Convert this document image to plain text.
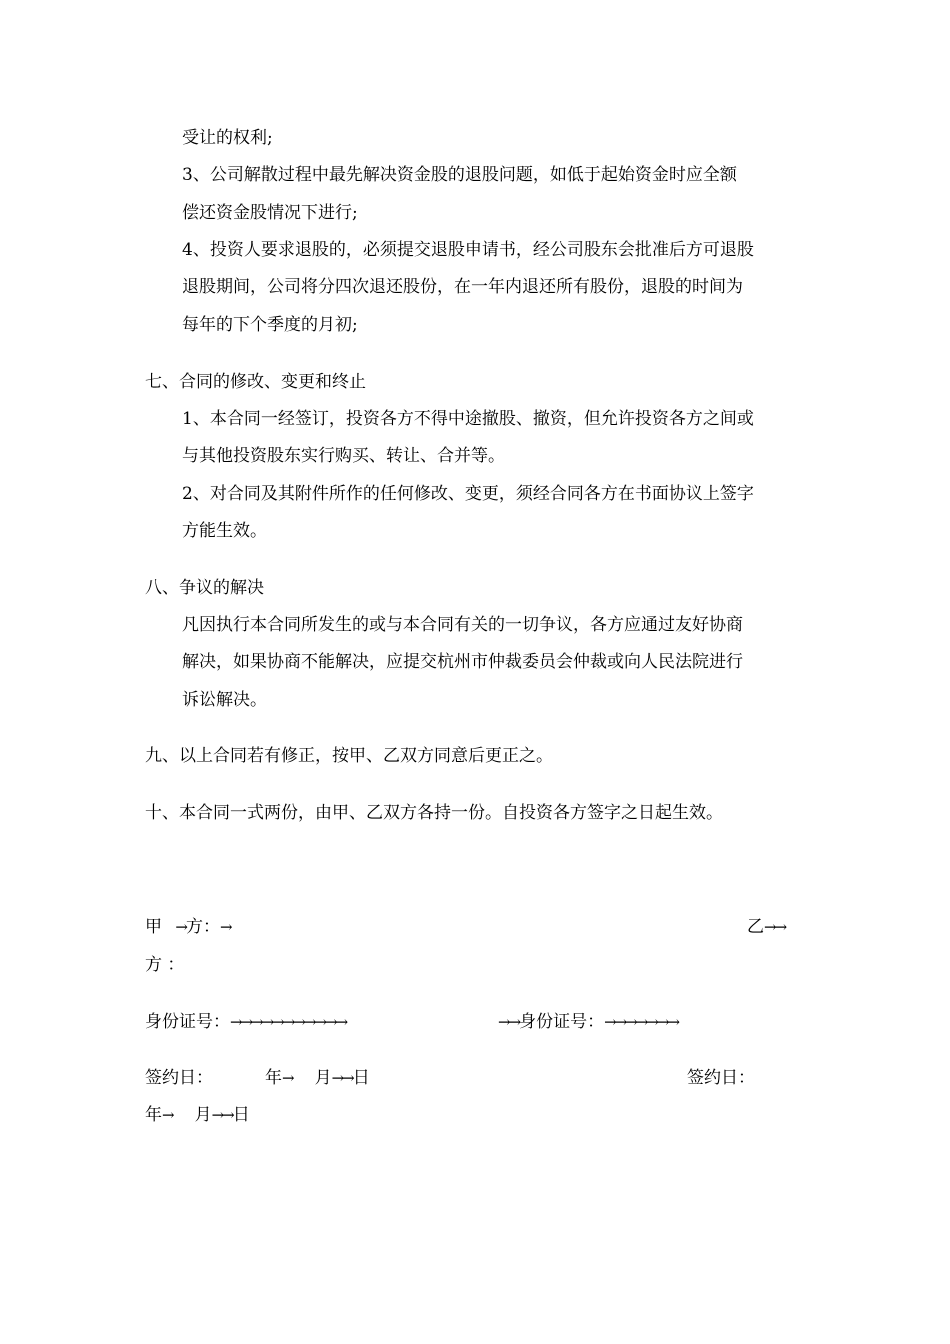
受让的权利;
3、公司解散过程中最先解决资金股的退股问题，如低于起始资金时应全额
偿还资金股情况下进行;
4、投资人要求退股的，必须提交退股申请书，经公司股东会批准后方可退股
退股期间，公司将分四次退还股份，在一年内退还所有股份，退股的时间为
每年的下个季度的月初;
七、合同的修改、变更和终止
1、本合同一经签订，投资各方不得中途撤股、撤资，但允许投资各方之间或
与其他投资股东实行购买、转让、合并等。
2、对合同及其附件所作的任何修改、变更，须经合同各方在书面协议上签字
方能生效。
八、争议的解决
凡因执行本合同所发生的或与本合同有关的一切争议，各方应通过友好协商
解决，如果协商不能解决，应提交杭州市仲裁委员会仲裁或向人民法院进行
诉讼解决。
九、以上合同若有修正，按甲、乙双方同意后更正之。
十、本合同一式两份，由甲、乙双方各持一份。自投资各方签字之日起生效。
甲 →方：→	乙→→
方 ：
身份证号：→→→→→→→→→→→	→→身份证号：→→→→→→→
签约日：	年→ 月→→日	签约日：
年→ 月→→日
